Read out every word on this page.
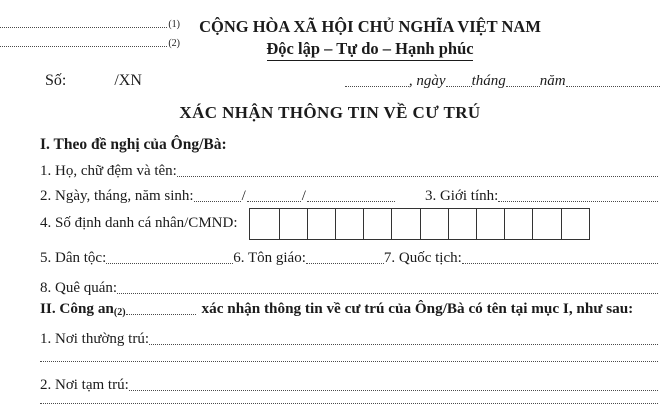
(1)
(2)
CỘNG HÒA XÃ HỘI CHỦ NGHĨA VIỆT NAM
Độc lập – Tự do – Hạnh phúc
Số:	/XN	, ngày tháng năm
XÁC NHẬN THÔNG TIN VỀ CƯ TRÚ
I. Theo đề nghị của Ông/Bà:
1. Họ, chữ đệm và tên:
2. Ngày, tháng, năm sinh:	/	/	3. Giới tính:
4. Số định danh cá nhân/CMND:
5. Dân tộc:	6. Tôn giáo:	7. Quốc tịch:
8. Quê quán:
II. Công an (2)	xác nhận thông tin về cư trú của Ông/Bà có tên tại mục I, như sau:
1. Nơi thường trú:
2. Nơi tạm trú:
